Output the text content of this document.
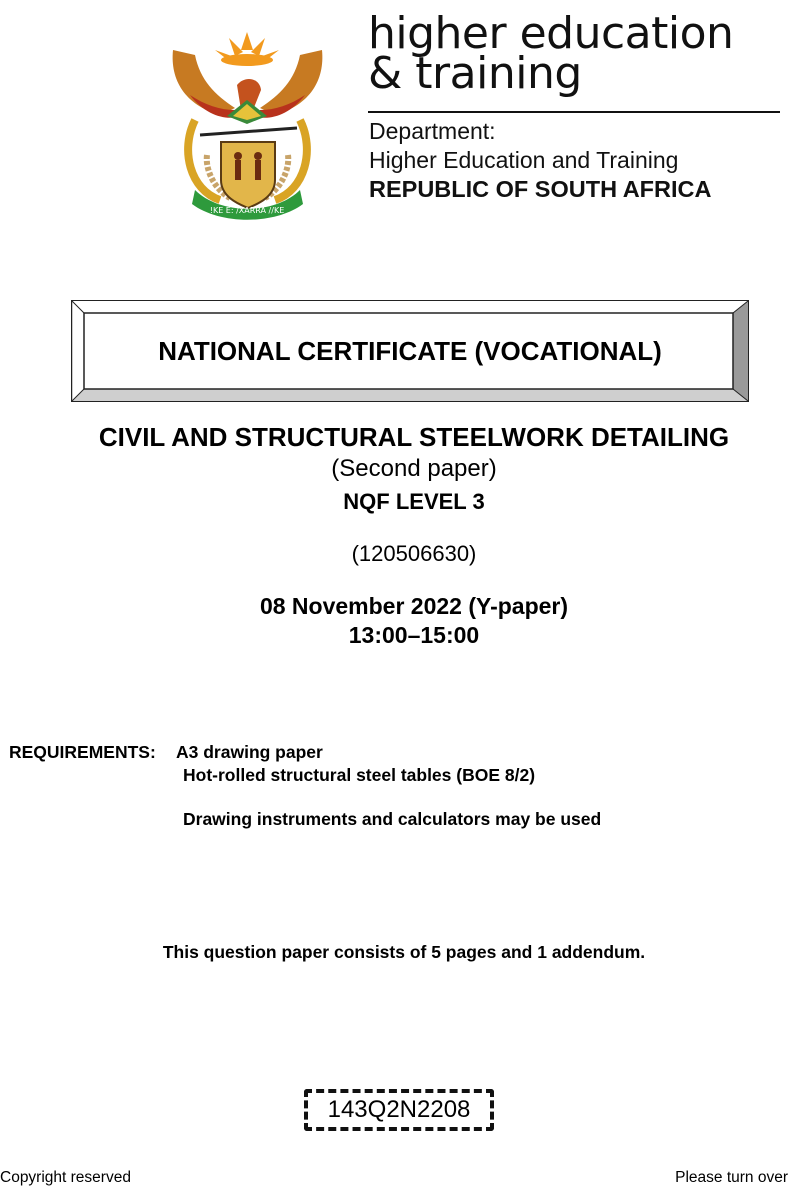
!KE E: /XARRA //KE
higher education
& training
Department:
Higher Education and Training
REPUBLIC OF SOUTH AFRICA
NATIONAL CERTIFICATE (VOCATIONAL)
CIVIL AND STRUCTURAL STEELWORK DETAILING
(Second paper)
NQF LEVEL 3
(120506630)
08 November 2022 (Y-paper)
13:00–15:00
REQUIREMENTS: A3 drawing paper
Hot-rolled structural steel tables (BOE 8/2)
Drawing instruments and calculators may be used
This question paper consists of 5 pages and 1 addendum.
143Q2N2208
Copyright reserved	Please turn over
